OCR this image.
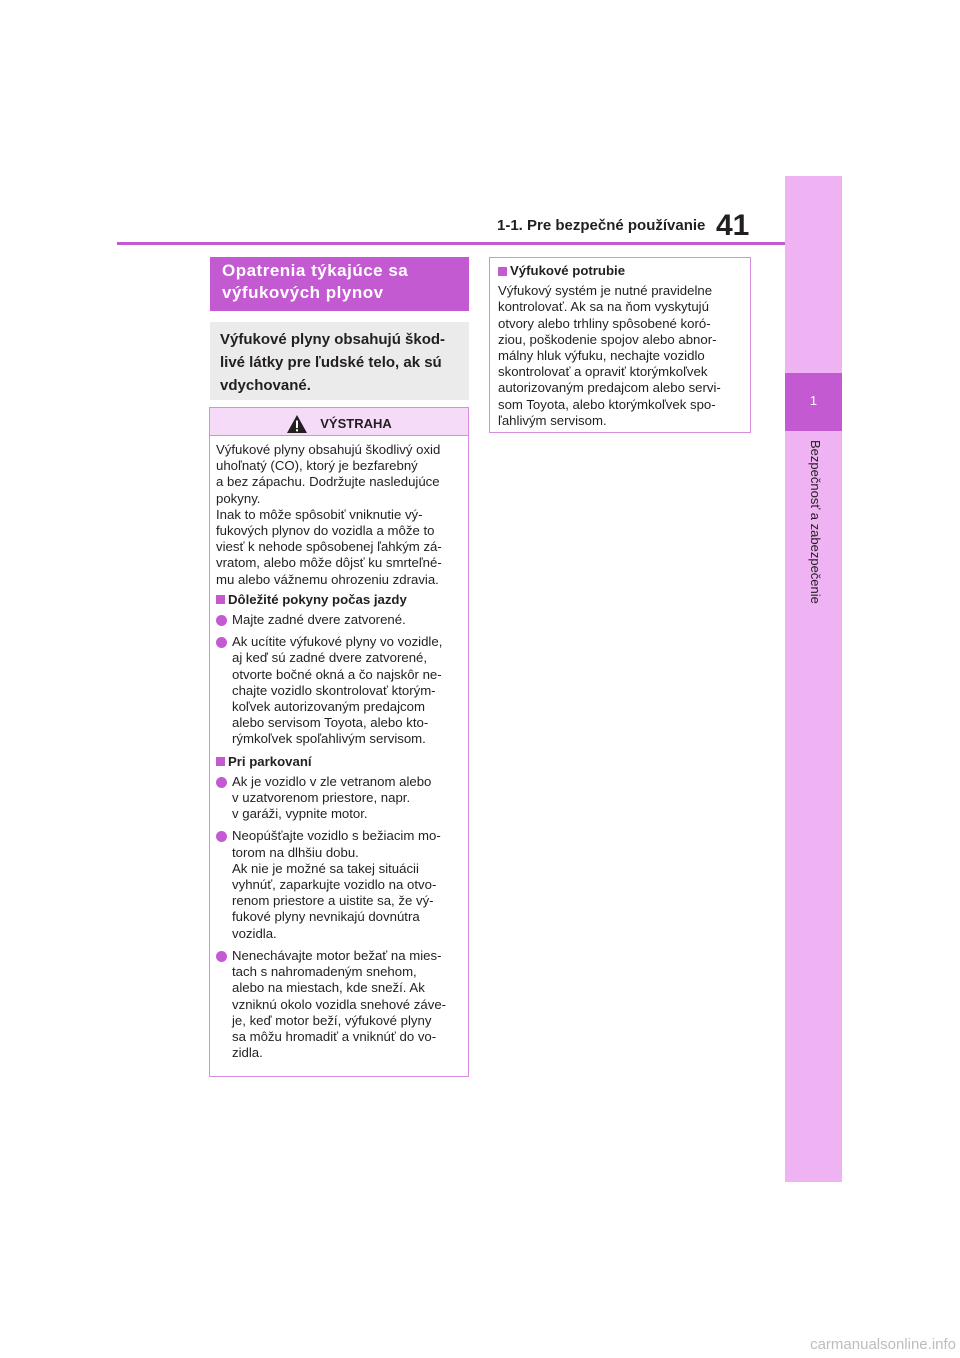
1
Bezpečnosť a zabezpečenie
1-1. Pre bezpečné používanie 41
Opatrenia týkajúce sa výfukových plynov
Výfukové plyny obsahujú škod-
livé látky pre ľudské telo, ak sú
vdychované.
VÝSTRAHA

Výfukové plyny obsahujú škodlivý oxid
uhoľnatý (CO), ktorý je bezfarebný
a bez zápachu. Dodržujte nasledujúce
pokyny.
Inak to môže spôsobiť vniknutie vý-
fukových plynov do vozidla a môže to
viesť k nehode spôsobenej ľahkým zá-
vratom, alebo môže dôjsť ku smrteľné-
mu alebo vážnemu ohrozeniu zdravia.

Dôležité pokyny počas jazdy
Majte zadné dvere zatvorené.
Ak ucítite výfukové plyny vo vozidle,
aj keď sú zadné dvere zatvorené,
otvorte bočné okná a čo najskôr ne-
chajte vozidlo skontrolovať ktorým-
koľvek autorizovaným predajcom
alebo servisom Toyota, alebo kto-
rýmkoľvek spoľahlivým servisom.
Pri parkovaní
Ak je vozidlo v zle vetranom alebo
v uzatvorenom priestore, napr.
v garáži, vypnite motor.
Neopúšťajte vozidlo s bežiacim mo-
torom na dlhšiu dobu.
Ak nie je možné sa takej situácii
vyhnúť, zaparkujte vozidlo na otvo-
renom priestore a uistite sa, že vý-
fukové plyny nevnikajú dovnútra
vozidla.
Nenechávajte motor bežať na mies-
tach s nahromadeným snehom,
alebo na miestach, kde sneží. Ak
vzniknú okolo vozidla snehové záve-
je, keď motor beží, výfukové plyny
sa môžu hromadiť a vniknúť do vo-
zidla.
Výfukové potrubie

Výfukový systém je nutné pravidelne
kontrolovať. Ak sa na ňom vyskytujú
otvory alebo trhliny spôsobené koró-
ziou, poškodenie spojov alebo abnor-
málny hluk výfuku, nechajte vozidlo
skontrolovať a opraviť ktorýmkoľvek
autorizovaným predajcom alebo servi-
som Toyota, alebo ktorýmkoľvek spo-
ľahlivým servisom.

carmanualsonline.info
